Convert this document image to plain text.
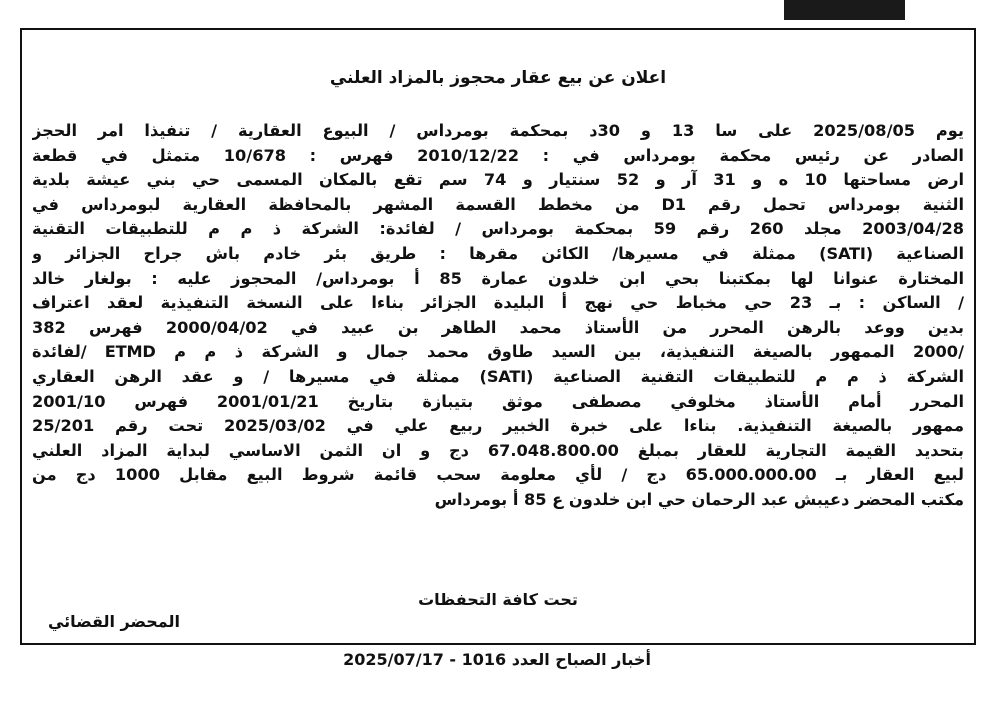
اعلان عن بيع عقار محجوز بالمزاد العلني
يوم 2025/08/05 على سا 13 و 30د بمحكمة بومرداس / البيوع العقارية / تنفيذا امر الحجز
الصادر عن رئيس محكمة بومرداس في : 2010/12/22 فهرس : 10/678 متمثل في قطعة
ارض مساحتها 10 ه و 31 آر و 52 سنتيار و 74 سم تقع بالمكان المسمى حي بني عيشة بلدية
الثنية بومرداس تحمل رقم D1 من مخطط القسمة المشهر بالمحافظة العقارية لبومرداس في
2003/04/28 مجلد 260 رقم 59 بمحكمة بومرداس / لفائدة: الشركة ذ م م للتطبيقات التقنية
الصناعية (SATI) ممثلة في مسيرها/ الكائن مقرها : طريق بئر خادم باش جراح الجزائر و
المختارة عنوانا لها بمكتبنا بحي ابن خلدون عمارة 85 أ بومرداس/ المحجوز عليه : بولغار خالد
/ الساكن : بـ 23 حي مخباط حي نهج أ البليدة الجزائر بناءا على النسخة التنفيذية لعقد اعتراف
بدين ووعد بالرهن المحرر من الأستاذ محمد الطاهر بن عبيد في 2000/04/02 فهرس 382
/2000 الممهور بالصيغة التنفيذية، بين السيد طاوق محمد جمال و الشركة ذ م م ETMD /لفائدة
الشركة ذ م م للتطبيقات التقنية الصناعية (SATI) ممثلة في مسيرها / و عقد الرهن العقاري
المحرر أمام الأستاذ مخلوفي مصطفى موثق بتيبازة بتاريخ 2001/01/21 فهرس 2001/10
ممهور بالصيغة التنفيذية. بناءا على خبرة الخبير ربيع علي في 2025/03/02 تحت رقم 25/201
بتحديد القيمة التجارية للعقار بمبلغ 67.048.800.00 دج و ان الثمن الاساسي لبداية المزاد العلني
لبيع العقار بـ 65.000.000.00 دج / لأي معلومة سحب قائمة شروط البيع مقابل 1000 دج من
مكتب المحضر دعيبش عبد الرحمان حي ابن خلدون ع 85 أ بومرداس
تحت كافة التحفظات
المحضر القضائي
أخبار الصباح العدد 1016 - 2025/07/17
